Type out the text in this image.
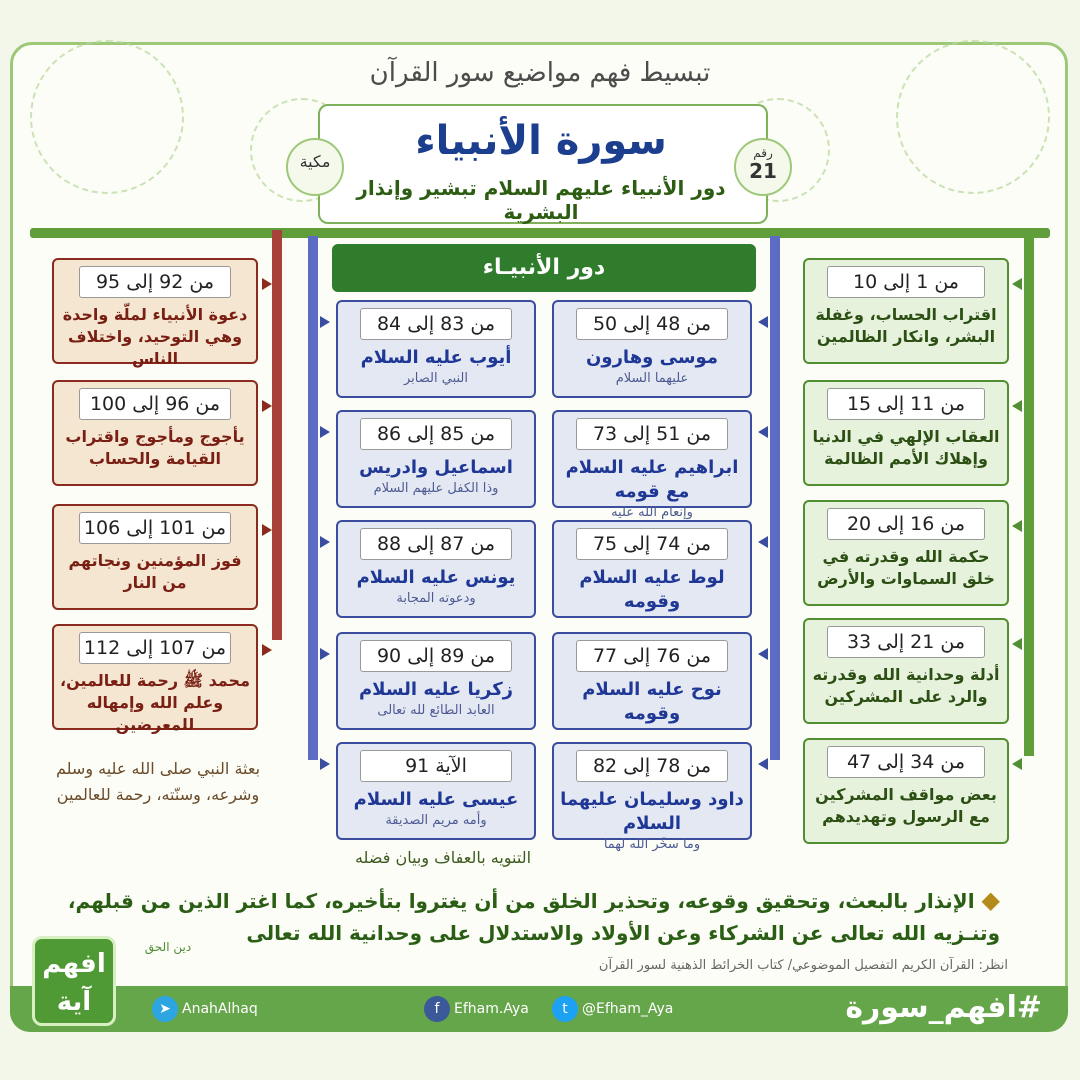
تبسيط فهم مواضيع سور القرآن
سورة الأنبياء
دور الأنبياء عليهم السلام تبشير وإنذار البشرية
رقم
21
مكية
دور الأنبيـاء
من 1 إلى 10
اقتراب الحساب، وغفلة البشر، وانكار الظالمين
من 11 إلى 15
العقاب الإلهي في الدنيا وإهلاك الأمم الظالمة
من 16 إلى 20
حكمة الله وقدرته في خلق السماوات والأرض
من 21 إلى 33
أدلة وحدانية الله وقدرته والرد على المشركين
من 34 إلى 47
بعض مواقف المشركين مع الرسول وتهديدهم
من 48 إلى 50
موسى وهارون
عليهما السلام
من 51 إلى 73
ابراهيم عليه السلام مع قومه
وإنعام الله عليه
من 74 إلى 75
لوط عليه السلام وقومه
من 76 إلى 77
نوح عليه السلام وقومه
من 78 إلى 82
داود وسليمان عليهما السلام
وما سخّر الله لهما
من 83 إلى 84
أيوب عليه السلام
النبي الصابر
من 85 إلى 86
اسماعيل وادريس
وذا الكفل عليهم السلام
من 87 إلى 88
يونس عليه السلام
ودعوته المجابة
من 89 إلى 90
زكريا عليه السلام
العابد الطائع لله تعالى
الآية 91
عيسى عليه السلام
وأمه مريم الصديقة
من 92 إلى 95
دعوة الأنبياء لملّة واحدة وهي التوحيد، واختلاف الناس
من 96 إلى 100
يأجوج ومأجوج واقتراب القيامة والحساب
من 101 إلى 106
فوز المؤمنين ونجاتهم من النار
من 107 إلى 112
محمد ﷺ رحمة للعالمين، وعلم الله وإمهاله للمعرضين
بعثة النبي صلى الله عليه وسلم وشرعه، وسنّته، رحمة للعالمين
التنويه بالعفاف وبيان فضله
◆ الإنذار بالبعث، وتحقيق وقوعه، وتحذير الخلق من أن يغتروا بتأخيره، كما اغتر الذين من قبلهم، وتنـزيه الله تعالى عن الشركاء وعن الأولاد والاستدلال على وحدانية الله تعالى
انظر: القرآن الكريم التفصيل الموضوعي/ كتاب الخرائط الذهنية لسور القرآن
#افهم_سورة
t @Efham_Aya
f Efham.Aya
➤ AnahAlhaq
افهم آية
دين الحق
